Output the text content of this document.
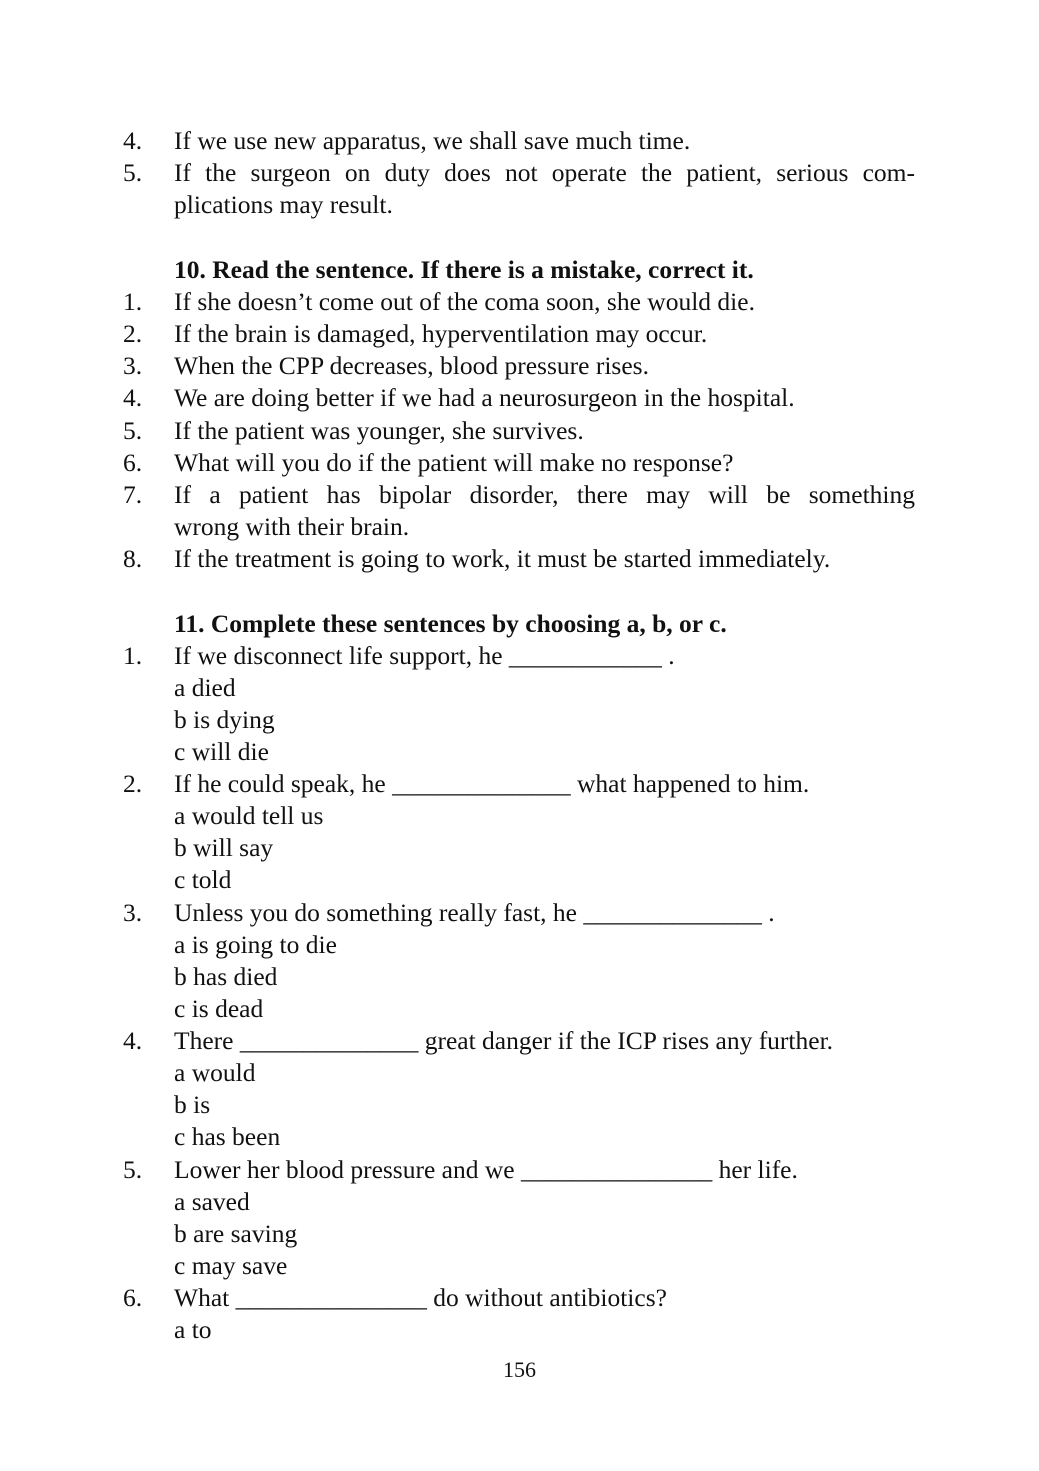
4. If we use new apparatus, we shall save much time.
5. If the surgeon on duty does not operate the patient, serious com-
plications may result.
10. Read the sentence. If there is a mistake, correct it.
1. If she doesn’t come out of the coma soon, she would die.
2. If the brain is damaged, hyperventilation may occur.
3. When the CPP decreases, blood pressure rises.
4. We are doing better if we had a neurosurgeon in the hospital.
5. If the patient was younger, she survives.
6. What will you do if the patient will make no response?
7. If a patient has bipolar disorder, there may will be something
wrong with their brain.
8. If the treatment is going to work, it must be started immediately.
11. Complete these sentences by choosing a, b, or c.
1. If we disconnect life support, he ____________ .
a died
b is dying
c will die
2. If he could speak, he ______________ what happened to him.
a would tell us
b will say
c told
3. Unless you do something really fast, he ______________ .
a is going to die
b has died
c is dead
4. There ______________ great danger if the ICP rises any further.
a would
b is
c has been
5. Lower her blood pressure and we _______________ her life.
a saved
b are saving
c may save
6. What _______________ do without antibiotics?
a to
156
